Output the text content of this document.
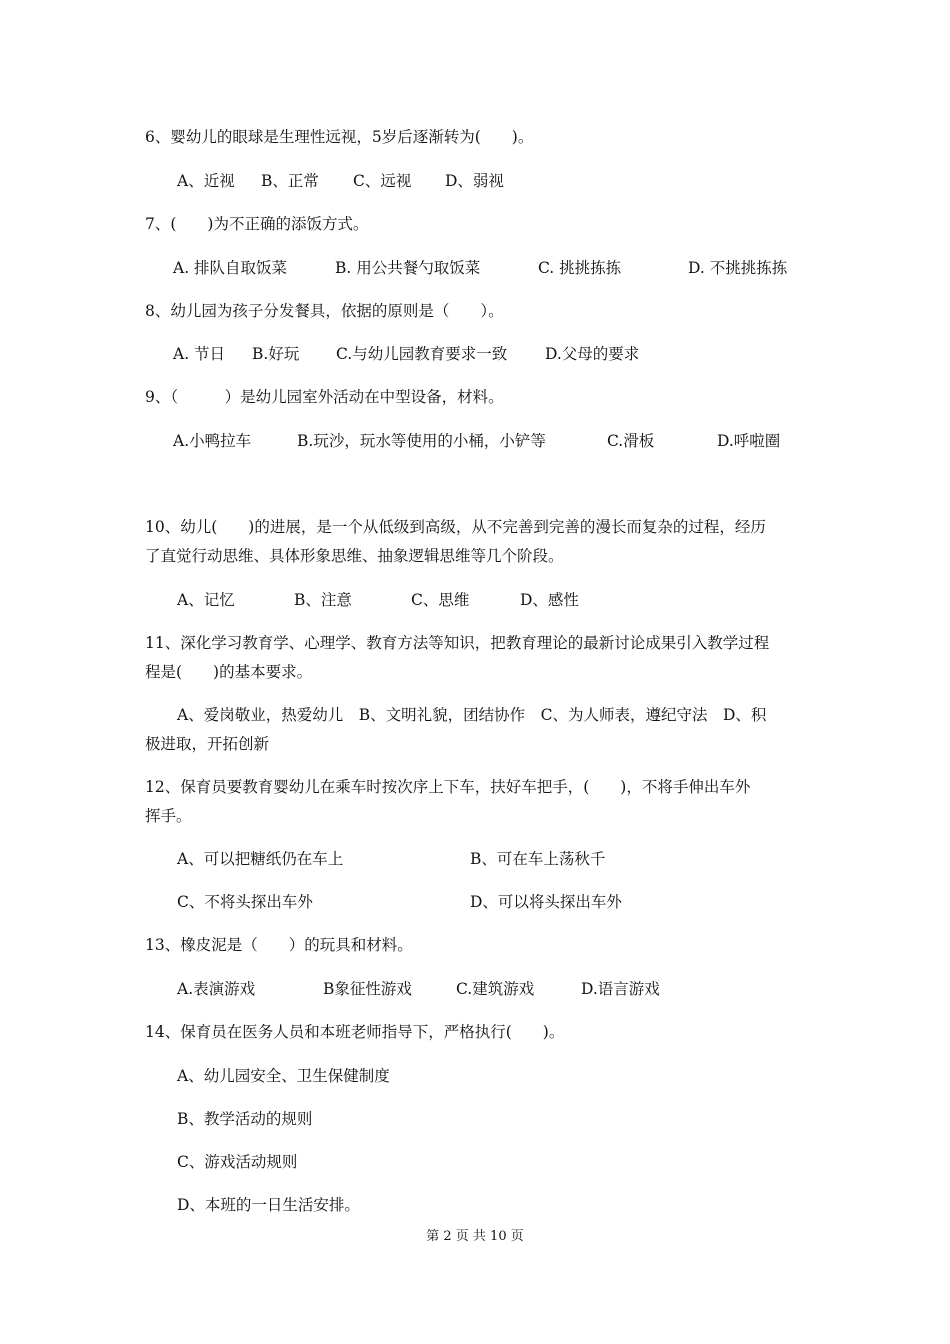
6、婴幼儿的眼球是生理性远视，5岁后逐渐转为(　　)。
A、近视 B、正常 C、远视 D、弱视
7、(　　)为不正确的添饭方式。
A. 排队自取饭菜	B. 用公共餐勺取饭菜	C. 挑挑拣拣	D. 不挑挑拣拣
8、幼儿园为孩子分发餐具，依据的原则是（　　）。
A. 节日 B.好玩 C.与幼儿园教育要求一致 D.父母的要求
9、（　　　）是幼儿园室外活动在中型设备，材料。
A.小鸭拉车	B.玩沙，玩水等使用的小桶，小铲等	C.滑板	D.呼啦圈
10、幼儿(　　)的进展，是一个从低级到高级，从不完善到完善的漫长而复杂的过程，经历
了直觉行动思维、具体形象思维、抽象逻辑思维等几个阶段。
A、记忆	B、注意	C、思维	D、感性
11、深化学习教育学、心理学、教育方法等知识，把教育理论的最新讨论成果引入教学过程
程是(　　)的基本要求。
A、爱岗敬业，热爱幼儿　B、文明礼貌，团结协作　C、为人师表，遵纪守法　D、积
极进取，开拓创新
12、保育员要教育婴幼儿在乘车时按次序上下车，扶好车把手，(　　)，不将手伸出车外
挥手。
A、可以把糖纸仍在车上	B、可在车上荡秋千
C、不将头探出车外	D、可以将头探出车外
13、橡皮泥是（　　）的玩具和材料。
A.表演游戏	B象征性游戏	C.建筑游戏	D.语言游戏
14、保育员在医务人员和本班老师指导下，严格执行(　　)。
A、幼儿园安全、卫生保健制度
B、教学活动的规则
C、游戏活动规则
D、本班的一日生活安排。
第 2 页 共 10 页
